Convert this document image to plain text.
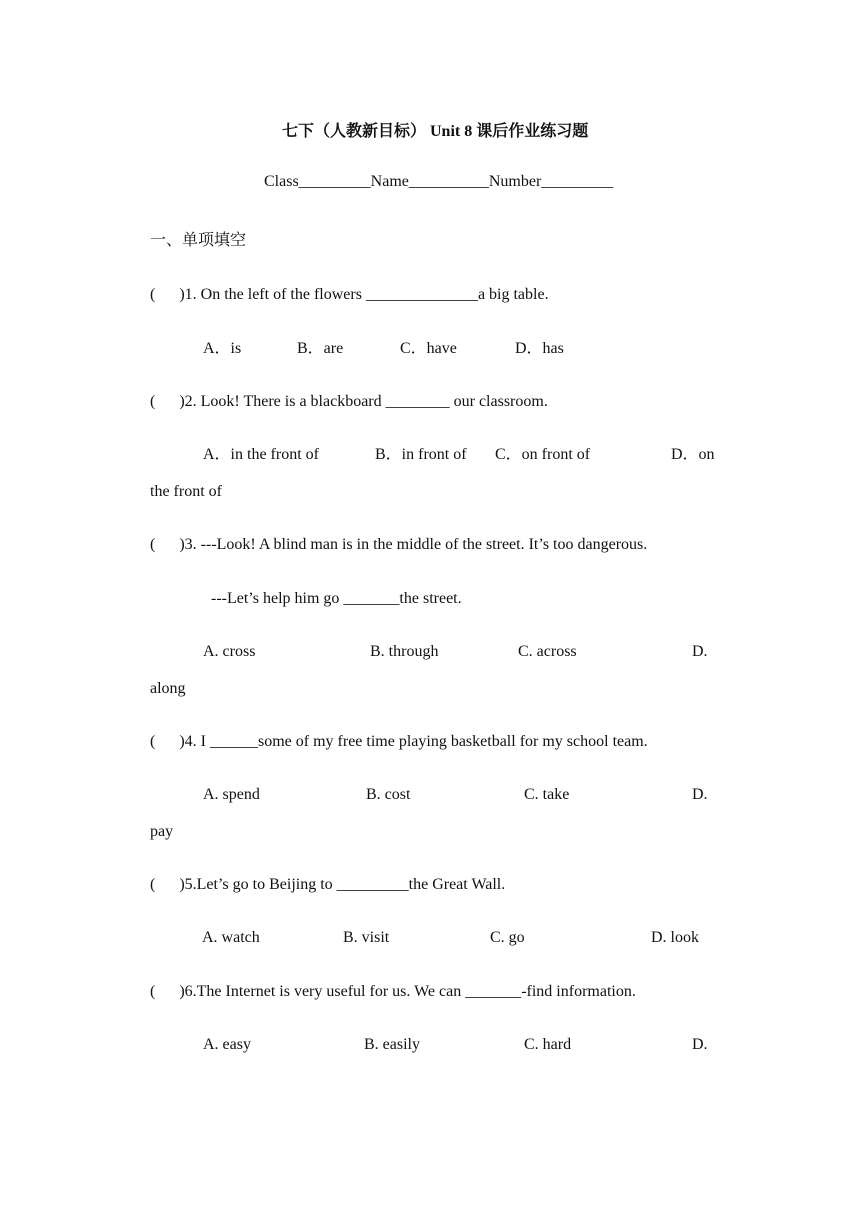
七下（人教新目标） Unit 8 课后作业练习题
Class_________Name__________Number_________
一、单项填空
(      )1. On the left of the flowers ______________a big table.
A．is	B．are	C．have	D．has
(      )2. Look! There is a blackboard ________ our classroom.
A．in the front of	B．in front of C．on front of	D．on
the front of
(      )3. ---Look! A blind man is in the middle of the street. It’s too dangerous.
---Let’s help him go _______the street.
A. cross	B. through	C. across	D.
along
(      )4. I ______some of my free time playing basketball for my school team.
A. spend	B. cost	C. take	D.
pay
(      )5.Let’s go to Beijing to _________the Great Wall.
A. watch	B. visit	C. go	D. look
(      )6.The Internet is very useful for us. We can _______-find information.
A. easy	B. easily	C. hard	D.
